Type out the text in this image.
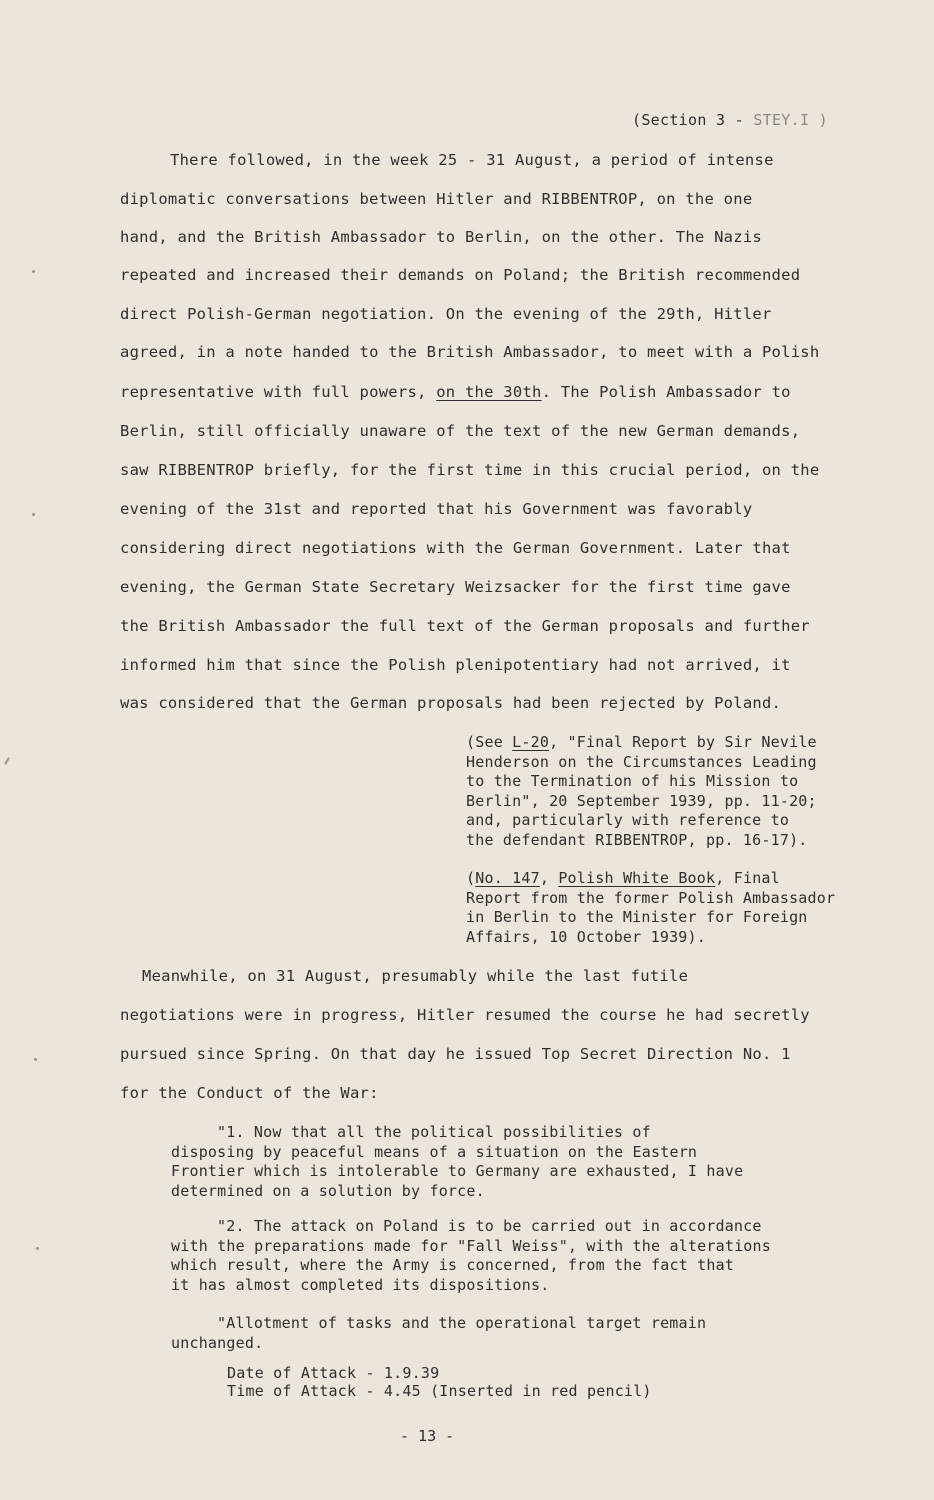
(Section 3 - STEY.I )
There followed, in the week 25 - 31 August, a period of intense
diplomatic conversations between Hitler and RIBBENTROP, on the one
hand, and the British Ambassador to Berlin, on the other. The Nazis
repeated and increased their demands on Poland; the British recommended
direct Polish-German negotiation. On the evening of the 29th, Hitler
agreed, in a note handed to the British Ambassador, to meet with a Polish
representative with full powers, on the 30th. The Polish Ambassador to
Berlin, still officially unaware of the text of the new German demands,
saw RIBBENTROP briefly, for the first time in this crucial period, on the
evening of the 31st and reported that his Government was favorably
considering direct negotiations with the German Government. Later that
evening, the German State Secretary Weizsacker for the first time gave
the British Ambassador the full text of the German proposals and further
informed him that since the Polish plenipotentiary had not arrived, it
was considered that the German proposals had been rejected by Poland.
(See L-20, "Final Report by Sir Nevile
Henderson on the Circumstances Leading
to the Termination of his Mission to
Berlin", 20 September 1939, pp. 11-20;
and, particularly with reference to
the defendant RIBBENTROP, pp. 16-17).
(No. 147, Polish White Book, Final
Report from the former Polish Ambassador
in Berlin to the Minister for Foreign
Affairs, 10 October 1939).
Meanwhile, on 31 August, presumably while the last futile
negotiations were in progress, Hitler resumed the course he had secretly
pursued since Spring. On that day he issued Top Secret Direction No. 1
for the Conduct of the War:
"1. Now that all the political possibilities of
disposing by peaceful means of a situation on the Eastern
Frontier which is intolerable to Germany are exhausted, I have
determined on a solution by force.
"2. The attack on Poland is to be carried out in accordance
with the preparations made for "Fall Weiss", with the alterations
which result, where the Army is concerned, from the fact that
it has almost completed its dispositions.
"Allotment of tasks and the operational target remain
unchanged.
Date of Attack - 1.9.39
Time of Attack - 4.45 (Inserted in red pencil)
- 13 -
